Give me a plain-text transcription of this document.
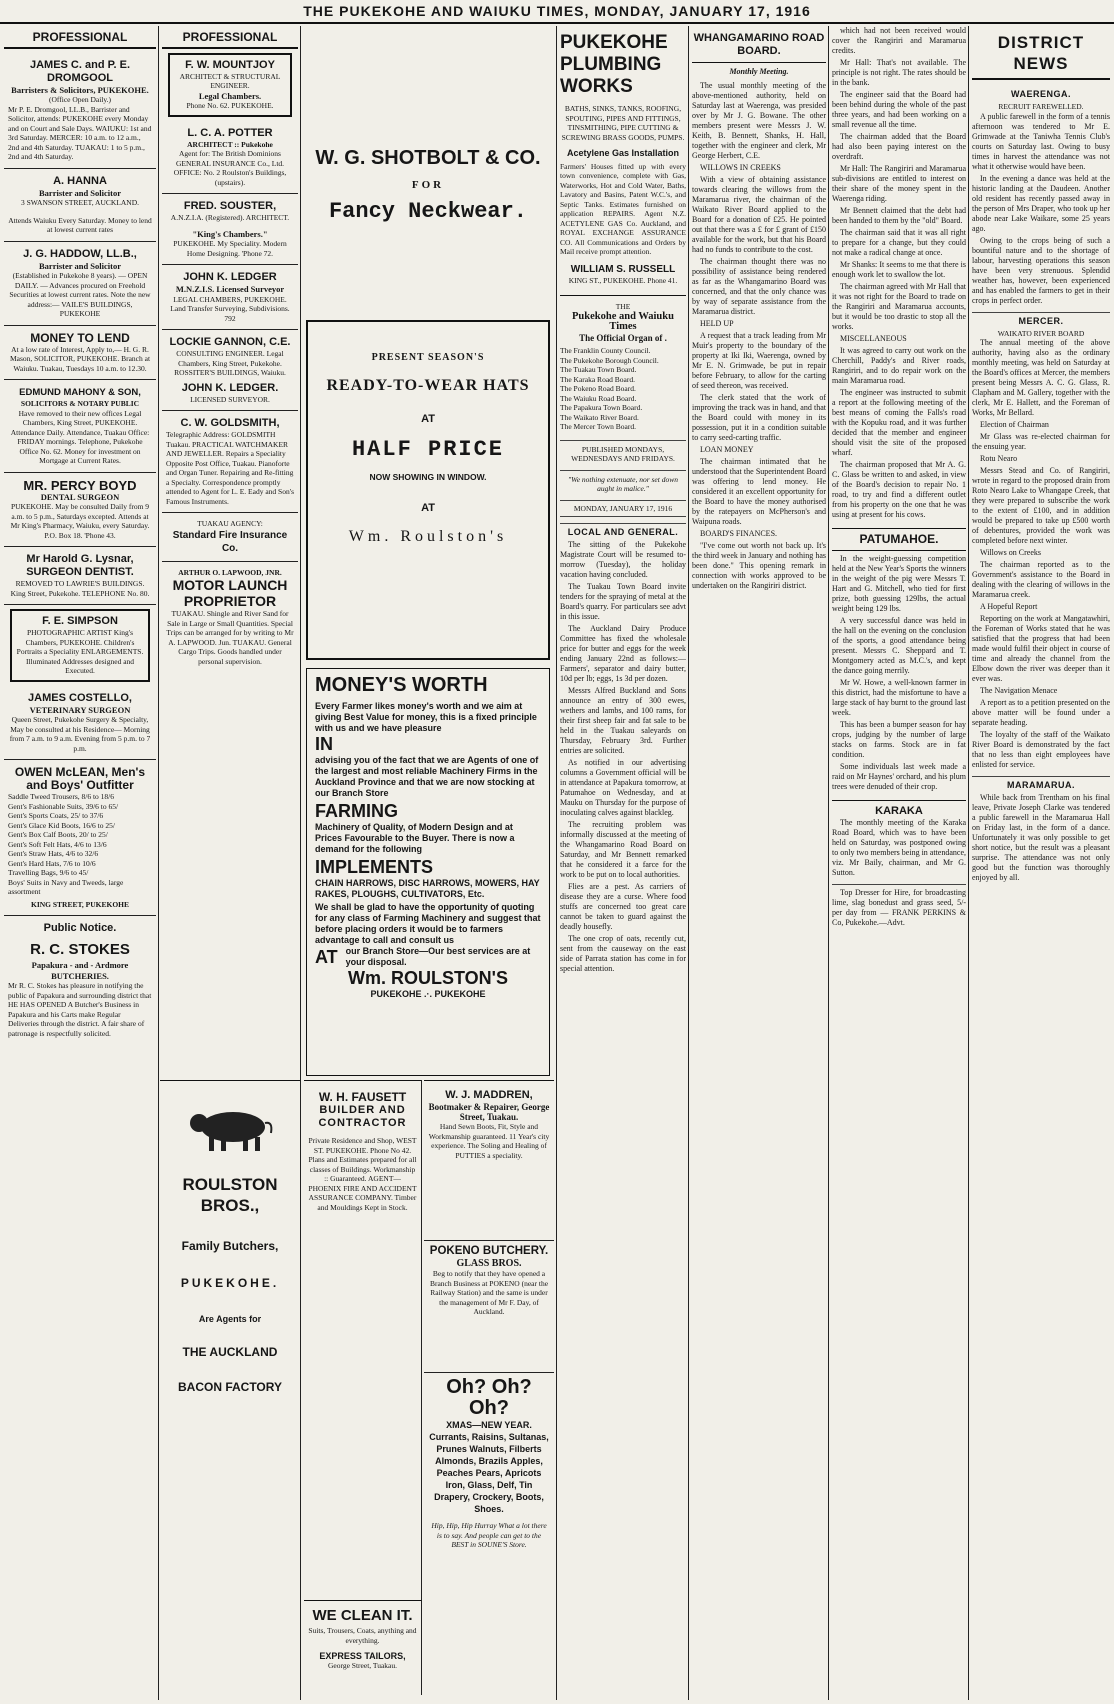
THE PUKEKOHE AND WAIUKU TIMES, MONDAY, JANUARY 17, 1916
PROFESSIONAL
JAMES C. and P. E. DROMGOOL
Barristers & Solicitors, PUKEKOHE.
(Office Open Daily.)
Mr P. E. Dromgool, LL.B., Barrister and Solicitor, attends: PUKEKOHE every Monday and on Court and Sale Days. WAIUKU: 1st and 3rd Saturday. MERCER: 10 a.m. to 12 a.m., 2nd and 4th Saturday. TUAKAU: 1 to 5 p.m., 2nd and 4th Saturday.
A. HANNA
Barrister and Solicitor
3 SWANSON STREET, AUCKLAND.
Attends Waiuku Every Saturday. Money to lend at lowest current rates
J. G. HADDOW, LL.B.,
Barrister and Solicitor
(Established in Pukekohe 8 years). — OPEN DAILY. — Advances procured on Freehold Securities at lowest current rates. Note the new address:— VAILE'S BUILDINGS, PUKEKOHE
MONEY TO LEND
At a low rate of Interest, Apply to,— H. G. R. Mason, SOLICITOR, PUKEKOHE. Branch at Waiuku. Tuakau, Tuesdays 10 a.m. to 12.30.
EDMUND MAHONY & SON,
SOLICITORS & NOTARY PUBLIC
Have removed to their new offices Legal Chambers, King Street, PUKEKOHE. Attendance Daily. Attendance, Tuakau Office: FRIDAY mornings. Telephone, Pukekohe Office No. 62. Money for investment on Mortgage at Current Rates.
MR. PERCY BOYD
DENTAL SURGEON
PUKEKOHE. May be consulted Daily from 9 a.m. to 5 p.m., Saturdays excepted. Attends at Mr King's Pharmacy, Waiuku, every Saturday. P.O. Box 18. 'Phone 43.
Mr Harold G. Lysnar, SURGEON DENTIST.
REMOVED TO LAWRIE'S BUILDINGS. King Street, Pukekohe. TELEPHONE No. 80.
F. E. SIMPSON
PHOTOGRAPHIC ARTIST King's Chambers, PUKEKOHE. Children's Portraits a Speciality ENLARGEMENTS. Illuminated Addresses designed and Executed.
JAMES COSTELLO,
VETERINARY SURGEON
Queen Street, Pukekohe Surgery & Specialty, May be consulted at his Residence— Morning from 7 a.m. to 9 a.m. Evening from 5 p.m. to 7 p.m.
OWEN McLEAN, Men's and Boys' Outfitter
Saddle Tweed Trousers, 8/6 to 18/6
Gent's Fashionable Suits, 39/6 to 65/
Gent's Sports Coats, 25/ to 37/6
Gent's Glace Kid Boots, 16/6 to 25/
Gent's Box Calf Boots, 20/ to 25/
Gent's Soft Felt Hats, 4/6 to 13/6
Gent's Straw Hats, 4/6 to 32/6
Gent's Hard Hats, 7/6 to 10/6
Travelling Bags, 9/6 to 45/
Boys' Suits in Navy and Tweeds, large assortment
KING STREET, PUKEKOHE
Public Notice.
R. C. STOKES
Papakura - and - Ardmore BUTCHERIES.
Mr R. C. Stokes has pleasure in notifying the public of Papakura and surrounding district that HE HAS OPENED A Butcher's Business in Papakura and his Carts make Regular Deliveries through the district. A fair share of patronage is respectfully solicited.
PROFESSIONAL
F. W. MOUNTJOY
ARCHITECT & STRUCTURAL ENGINEER.
Legal Chambers.
Phone No. 62. PUKEKOHE.
L. C. A. POTTER
ARCHITECT :: Pukekohe
Agent for: The British Dominions GENERAL INSURANCE Co., Ltd. OFFICE: No. 2 Roulston's Buildings, (upstairs).
FRED. SOUSTER,
A.N.Z.I.A. (Registered). ARCHITECT.
"King's Chambers."
PUKEKOHE. My Speciality. Modern Home Designing. 'Phone 72.
JOHN K. LEDGER
M.N.Z.I.S. Licensed Surveyor
LEGAL CHAMBERS, PUKEKOHE. Land Transfer Surveying, Subdivisions. 792
LOCKIE GANNON, C.E.
CONSULTING ENGINEER. Legal Chambers, King Street, Pukekohe. ROSSITER'S BUILDINGS, Waiuku.
JOHN K. LEDGER.
LICENSED SURVEYOR.
C. W. GOLDSMITH,
Telegraphic Address: GOLDSMITH Tuakau. PRACTICAL WATCHMAKER AND JEWELLER. Repairs a Speciality Opposite Post Office, Tuakau. Pianoforte and Organ Tuner. Repairing and Re-fitting a Specialty. Correspondence promptly attended to Agent for L. E. Eady and Son's Famous Instruments.
TUAKAU AGENCY:
Standard Fire Insurance Co.
ARTHUR O. LAPWOOD, JNR.
MOTOR LAUNCH PROPRIETOR
TUAKAU. Shingle and River Sand for Sale in Large or Small Quantities. Special Trips can be arranged for by writing to Mr A. LAPWOOD. Jun. TUAKAU. General Cargo Trips. Goods handled under personal supervision.
W. G. SHOTBOLT & CO.
FOR
Fancy Neckwear.
PRESENT SEASON'S
READY-TO-WEAR HATS
AT
HALF PRICE
NOW SHOWING IN WINDOW.
AT
Wm. Roulston's
MONEY'S WORTH
Every Farmer likes money's worth and we aim at giving Best Value for money, this is a fixed principle with us and we have pleasure
IN
advising you of the fact that we are Agents of one of the largest and most reliable Machinery Firms in the Auckland Province and that we are now stocking at our Branch Store
FARMING
Machinery of Quality, of Modern Design and at Prices Favourable to the Buyer. There is now a demand for the following
IMPLEMENTS
CHAIN HARROWS, DISC HARROWS, MOWERS, HAY RAKES, PLOUGHS, CULTIVATORS, Etc.
We shall be glad to have the opportunity of quoting for any class of Farming Machinery and suggest that before placing orders it would be to farmers advantage to call and consult us
AT our Branch Store—Our best services are at your disposal.
Wm. ROULSTON'S
PUKEKOHE .·. PUKEKOHE
ROULSTON BROS.,
Family Butchers,
PUKEKOHE.
Are Agents for
THE AUCKLAND
BACON FACTORY
W. H. FAUSETT
BUILDER AND CONTRACTOR
Private Residence and Shop, WEST ST. PUKEKOHE. Phone No 42. Plans and Estimates prepared for all classes of Buildings. Workmanship :: Guaranteed. AGENT—PHOENIX FIRE AND ACCIDENT ASSURANCE COMPANY. Timber and Mouldings Kept in Stock.
WE CLEAN IT.
Suits, Trousers, Coats, anything and everything.
EXPRESS TAILORS,
George Street, Tuakau.
W. J. MADDREN,
Bootmaker & Repairer, George Street, Tuakau.
Hand Sewn Boots, Fit, Style and Workmanship guaranteed. 11 Year's city experience. The Soling and Healing of PUTTIES a speciality.
POKENO BUTCHERY.
GLASS BROS.
Beg to notify that they have opened a Branch Business at POKENO (near the Railway Station) and the same is under the management of Mr F. Day, of Auckland.
Oh? Oh? Oh?
XMAS—NEW YEAR. Currants, Raisins, Sultanas, Prunes Walnuts, Filberts Almonds, Brazils Apples, Peaches Pears, Apricots Iron, Glass, Delf, Tin Drapery, Crockery, Boots, Shoes.
Hip, Hip, Hip Hurray What a lot there is to say. And people can get to the BEST in SOUNE'S Store.
PUKEKOHE PLUMBING WORKS
BATHS, SINKS, TANKS, ROOFING, SPOUTING, PIPES AND FITTINGS, TINSMITHING, PIPE CUTTING & SCREWING BRASS GOODS, PUMPS.
Acetylene Gas Installation
Farmers' Houses fitted up with every town convenience, complete with Gas, Waterworks, Hot and Cold Water, Baths, Lavatory and Basins, Patent W.C.'s, and Septic Tanks. Estimates furnished on application REPAIRS. Agent N.Z. ACETYLENE GAS Co. Auckland, and ROYAL EXCHANGE ASSURANCE CO. All Communications and Orders by Mail receive prompt attention.
WILLIAM S. RUSSELL
KING ST., PUKEKOHE. Phone 41.
THE
Pukekohe and Waiuku Times
The Official Organ of .
The Franklin County Council.
The Pukekohe Borough Council.
The Tuakau Town Board.
The Karaka Road Board.
The Pokeno Road Board.
The Waiuku Road Board.
The Papakura Town Board.
The Waikato River Board.
The Mercer Town Board.
PUBLISHED MONDAYS, WEDNESDAYS AND FRIDAYS.
"We nothing extenuate, nor set down aught in malice."
MONDAY, JANUARY 17, 1916
LOCAL AND GENERAL.

The sitting of the Pukekohe Magistrate Court will be resumed to-morrow (Tuesday), the holiday vacation having concluded.

The Tuakau Town Board invite tenders for the spraying of metal at the Board's quarry. For particulars see advt in this issue.

The Auckland Dairy Produce Committee has fixed the wholesale price for butter and eggs for the week ending January 22nd as follows:—Farmers', separator and dairy butter, 10d per lb; eggs, 1s 3d per dozen.

Messrs Alfred Buckland and Sons announce an entry of 300 ewes, wethers and lambs, and 100 rams, for their first sheep fair and fat sale to be held in the Tuakau saleyards on Thursday, February 3rd. Further entries are solicited.

As notified in our advertising columns a Government official will be in attendance at Papakura tomorrow, at Patumahoe on Wednesday, and at Mauku on Thursday for the purpose of inoculating calves against blackleg.

The recruiting problem was informally discussed at the meeting of the Whangamarino Road Board on Saturday, and Mr Bennett remarked that he considered it a farce for the work to be put on to local authorities.

Flies are a pest. As carriers of disease they are a curse. Where food stuffs are concerned too great care cannot be taken to guard against the deadly housefly.

The one crop of oats, recently cut, sent from the causeway on the east side of Parrata station has come in for special attention.

WHANGAMARINO ROAD BOARD.
Monthly Meeting.

The usual monthly meeting of the above-mentioned authority, held on Saturday last at Waerenga, was presided over by Mr J. G. Bowane. The other members present were Messrs J. W. Keith, B. Bennett, Shanks, H. Hall, together with the engineer and clerk, Mr George Herbert, C.E.

WILLOWS IN CREEKS

With a view of obtaining assistance towards clearing the willows from the Maramarua river, the chairman of the Waikato River Board applied to the Board for a donation of £25. He pointed out that there was a £ for £ grant of £150 available for the work, but that his Board had no funds to contribute to the cost.

The chairman thought there was no possibility of assistance being rendered as far as the Whangamarino Board was concerned, and that the only chance was by way of separate assistance from the Maramarua district.

HELD UP

A request that a track leading from Mr Muir's property to the boundary of the property at Iki Iki, Waerenga, owned by Mr E. N. Grimwade, be put in repair before February, to allow for the carting of seed thereon, was received.

The clerk stated that the work of improving the track was in hand, and that the Board could with money in its possession, put it in a condition suitable to carry seed-carting traffic.

LOAN MONEY

The chairman intimated that he understood that the Superintendent Board was offering to lend money. He considered it an excellent opportunity for the Board to have the money authorised by the ratepayers on McPherson's and Waipuna roads.

BOARD'S FINANCES.

"I've come out worth not back up. It's the third week in January and nothing has been done." This opening remark in connection with works approved to be undertaken on the Rangiriri district.

which had not been received would cover the Rangiriri and Maramarua credits.

Mr Hall: That's not available. The principle is not right. The rates should be in the bank.

The engineer said that the Board had been behind during the whole of the past three years, and had been working on a small revenue all the time.

The chairman added that the Board had also been paying interest on the overdraft.

Mr Hall: The Rangiriri and Maramarua sub-divisions are entitled to interest on their share of the money spent in the Waerenga riding.

Mr Bennett claimed that the debt had been handed to them by the "old" Board.

The chairman said that it was all right to prepare for a change, but they could not make a radical change at once.

Mr Shanks: It seems to me that there is enough work let to swallow the lot.

The chairman agreed with Mr Hall that it was not right for the Board to trade on the Rangiriri and Maramarua accounts, but it would be too drastic to stop all the works.

MISCELLANEOUS

It was agreed to carry out work on the Cherchill, Paddy's and River roads, Rangiriri, and to do repair work on the main Maramarua road.

The engineer was instructed to submit a report at the following meeting of the best means of coming the Falls's road with the Kopuku road, and it was further decided that the member and engineer should visit the site of the proposed wharf.

The chairman proposed that Mr A. G. C. Glass be written to and asked, in view of the Board's decision to repair No. 1 road, to try and find a different outlet from his property on the one that he was using at present for his cows.

PATUMAHOE.

In the weight-guessing competition held at the New Year's Sports the winners in the weight of the pig were Messrs T. Hart and G. Mitchell, who tied for first prize, both guessing 129lbs, the actual weight being 129 lbs.

A very successful dance was held in the hall on the evening on the conclusion of the sports, a good attendance being present. Messrs C. Sheppard and T. Montgomery acted as M.C.'s, and kept the dance going merrily.

Mr W. Howe, a well-known farmer in this district, had the misfortune to have a large stack of hay burnt to the ground last week.

This has been a bumper season for hay crops, judging by the number of large stacks on farms. Stock are in fat condition.

Some individuals last week made a raid on Mr Haynes' orchard, and his plum trees were denuded of their crop.

KARAKA

The monthly meeting of the Karaka Road Board, which was to have been held on Saturday, was postponed owing to only two members being in attendance, viz. Mr Baily, chairman, and Mr G. Sutton.

Top Dresser for Hire, for broadcasting lime, slag bonedust and grass seed, 5/- per day from — FRANK PERKINS & Co, Pukekohe.—Advt.

DISTRICT NEWS
WAERENGA.
RECRUIT FAREWELLED.

A public farewell in the form of a tennis afternoon was tendered to Mr E. Grimwade at the Taniwha Tennis Club's courts on Saturday last. Owing to busy times in harvest the attendance was not what it otherwise would have been.

In the evening a dance was held at the historic landing at the Daudeen. Another old resident has recently passed away in the person of Mrs Draper, who took up her abode near Lake Waikare, some 25 years ago.

Owing to the crops being of such a bountiful nature and to the shortage of labour, harvesting operations this season have been very strenuous. Splendid weather has, however, been experienced and has enabled the farmers to get in their crops in perfect order.

MERCER.
WAIKATO RIVER BOARD

The annual meeting of the above authority, having also as the ordinary monthly meeting, was held on Saturday at the Board's offices at Mercer, the members present being Messrs A. C. G. Glass, R. Clapham and M. Gallery, together with the clerk, Mr E. Hallett, and the Foreman of Works, Mr Bellard.

Election of Chairman

Mr Glass was re-elected chairman for the ensuing year.

Rotu Nearo

Messrs Stead and Co. of Rangiriri, wrote in regard to the proposed drain from Roto Nearo Lake to Whangape Creek, that they were prepared to subscribe the work to the extent of £100, and in addition would be prepared to take up £500 worth of debentures, provided the work was completed before next winter.

Willows on Creeks

The chairman reported as to the Government's assistance to the Board in dealing with the clearing of willows in the Maramarua creek.

A Hopeful Report

Reporting on the work at Mangatawhiri, the Foreman of Works stated that he was satisfied that the progress that had been made would fulfil their object in course of time and already the channel from the Elbow down the river was deeper than it ever was.

The Navigation Menace

A report as to a petition presented on the above matter will be found under a separate heading.

The loyalty of the staff of the Waikato River Board is demonstrated by the fact that no less than eight employees have enlisted for service.

MARAMARUA.

While back from Trentham on his final leave, Private Joseph Clarke was tendered a public farewell in the Maramarua Hall on Friday last, in the form of a dance. Unfortunately it was only possible to get short notice, but the result was a pleasant surprise. The attendance was not only good but the function was thoroughly enjoyed by all.
